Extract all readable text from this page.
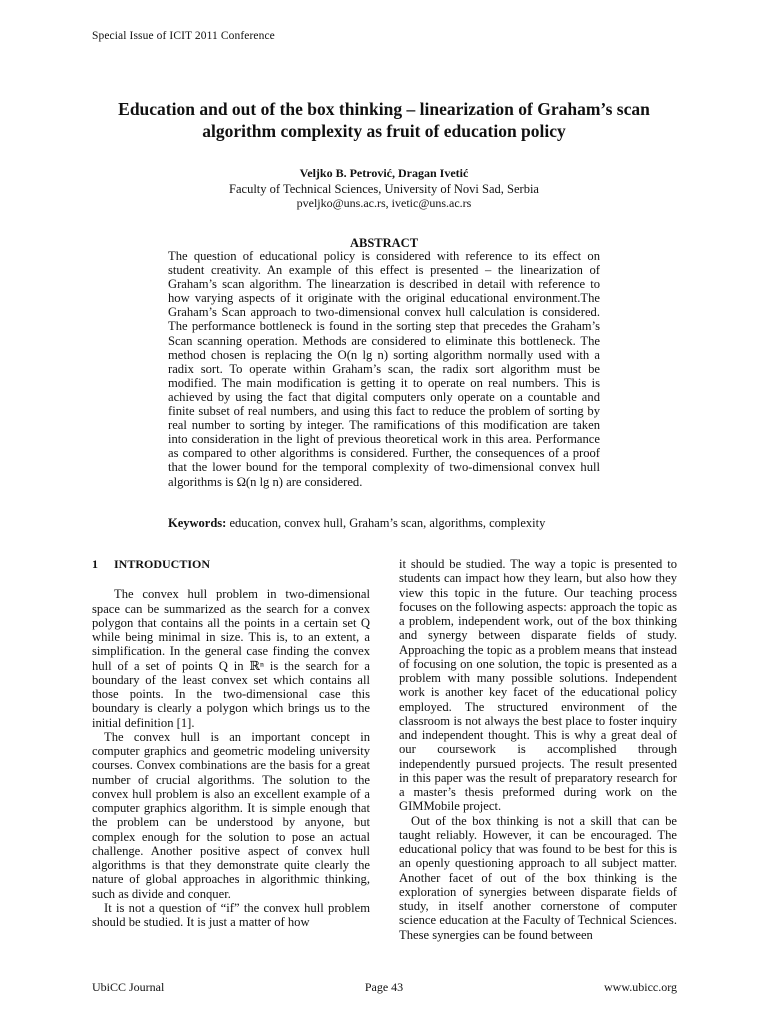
Special Issue of ICIT 2011 Conference
Education and out of the box thinking – linearization of Graham’s scan algorithm complexity as fruit of education policy
Veljko B. Petrović, Dragan Ivetić
Faculty of Technical Sciences, University of Novi Sad, Serbia
pveljko@uns.ac.rs, ivetic@uns.ac.rs
ABSTRACT
The question of educational policy is considered with reference to its effect on student creativity. An example of this effect is presented – the linearization of Graham’s scan algorithm. The linearzation is described in detail with reference to how varying aspects of it originate with the original educational environment.The Graham’s Scan approach to two-dimensional convex hull calculation is considered. The performance bottleneck is found in the sorting step that precedes the Graham’s Scan scanning operation. Methods are considered to eliminate this bottleneck. The method chosen is replacing the O(n lg n) sorting algorithm normally used with a radix sort. To operate within Graham’s scan, the radix sort algorithm must be modified. The main modification is getting it to operate on real numbers. This is achieved by using the fact that digital computers only operate on a countable and finite subset of real numbers, and using this fact to reduce the problem of sorting by real number to sorting by integer. The ramifications of this modification are taken into consideration in the light of previous theoretical work in this area. Performance as compared to other algorithms is considered. Further, the consequences of a proof that the lower bound for the temporal complexity of two-dimensional convex hull algorithms is Ω(n lg n) are considered.
Keywords: education, convex hull, Graham’s scan, algorithms, complexity
1 INTRODUCTION

The convex hull problem in two-dimensional space can be summarized as the search for a convex polygon that contains all the points in a certain set Q while being minimal in size. This is, to an extent, a simplification. In the general case finding the convex hull of a set of points Q in ℝⁿ is the search for a boundary of the least convex set which contains all those points. In the two-dimensional case this boundary is clearly a polygon which brings us to the initial definition [1].

The convex hull is an important concept in computer graphics and geometric modeling university courses. Convex combinations are the basis for a great number of crucial algorithms. The solution to the convex hull problem is also an excellent example of a computer graphics algorithm. It is simple enough that the problem can be understood by anyone, but complex enough for the solution to pose an actual challenge. Another positive aspect of convex hull algorithms is that they demonstrate quite clearly the nature of global approaches in algorithmic thinking, such as divide and conquer.

It is not a question of “if” the convex hull problem should be studied. It is just a matter of how

it should be studied. The way a topic is presented to students can impact how they learn, but also how they view this topic in the future. Our teaching process focuses on the following aspects: approach the topic as a problem, independent work, out of the box thinking and synergy between disparate fields of study. Approaching the topic as a problem means that instead of focusing on one solution, the topic is presented as a problem with many possible solutions. Independent work is another key facet of the educational policy employed. The structured environment of the classroom is not always the best place to foster inquiry and independent thought. This is why a great deal of our coursework is accomplished through independently pursued projects. The result presented in this paper was the result of preparatory research for a master’s thesis preformed during work on the GIMMobile project.

Out of the box thinking is not a skill that can be taught reliably. However, it can be encouraged. The educational policy that was found to be best for this is an openly questioning approach to all subject matter. Another facet of out of the box thinking is the exploration of synergies between disparate fields of study, in itself another cornerstone of computer science education at the Faculty of Technical Sciences. These synergies can be found between

UbiCC Journal	Page 43	www.ubicc.org
